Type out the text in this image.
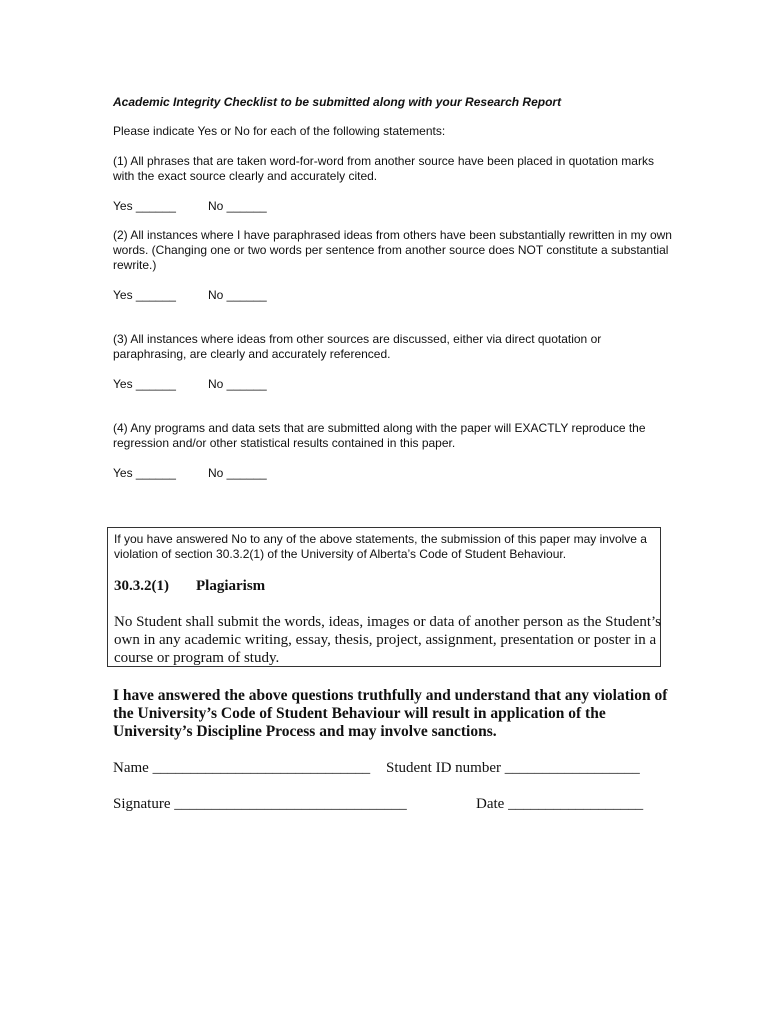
Academic Integrity Checklist to be submitted along with your Research Report
Please indicate Yes or No for each of the following statements:
(1) All phrases that are taken word-for-word from another source have been placed in quotation marks with the exact source clearly and accurately cited.
Yes ______	No ______
(2) All instances where I have paraphrased ideas from others have been substantially rewritten in my own words. (Changing one or two words per sentence from another source does NOT constitute a substantial rewrite.)
Yes ______	No ______
(3) All instances where ideas from other sources are discussed, either via direct quotation or paraphrasing, are clearly and accurately referenced.
Yes ______	No ______
(4) Any programs and data sets that are submitted along with the paper will EXACTLY reproduce the regression and/or other statistical results contained in this paper.
Yes ______	No ______
If you have answered No to any of the above statements, the submission of this paper may involve a violation of section 30.3.2(1) of the University of Alberta’s Code of Student Behaviour.
30.3.2(1) Plagiarism
No Student shall submit the words, ideas, images or data of another person as the Student’s own in any academic writing, essay, thesis, project, assignment, presentation or poster in a course or program of study.
I have answered the above questions truthfully and understand that any violation of the University’s Code of Student Behaviour will result in application of the University’s Discipline Process and may involve sanctions.
Name _____________________________ Student ID number __________________
Signature _______________________________	Date __________________
